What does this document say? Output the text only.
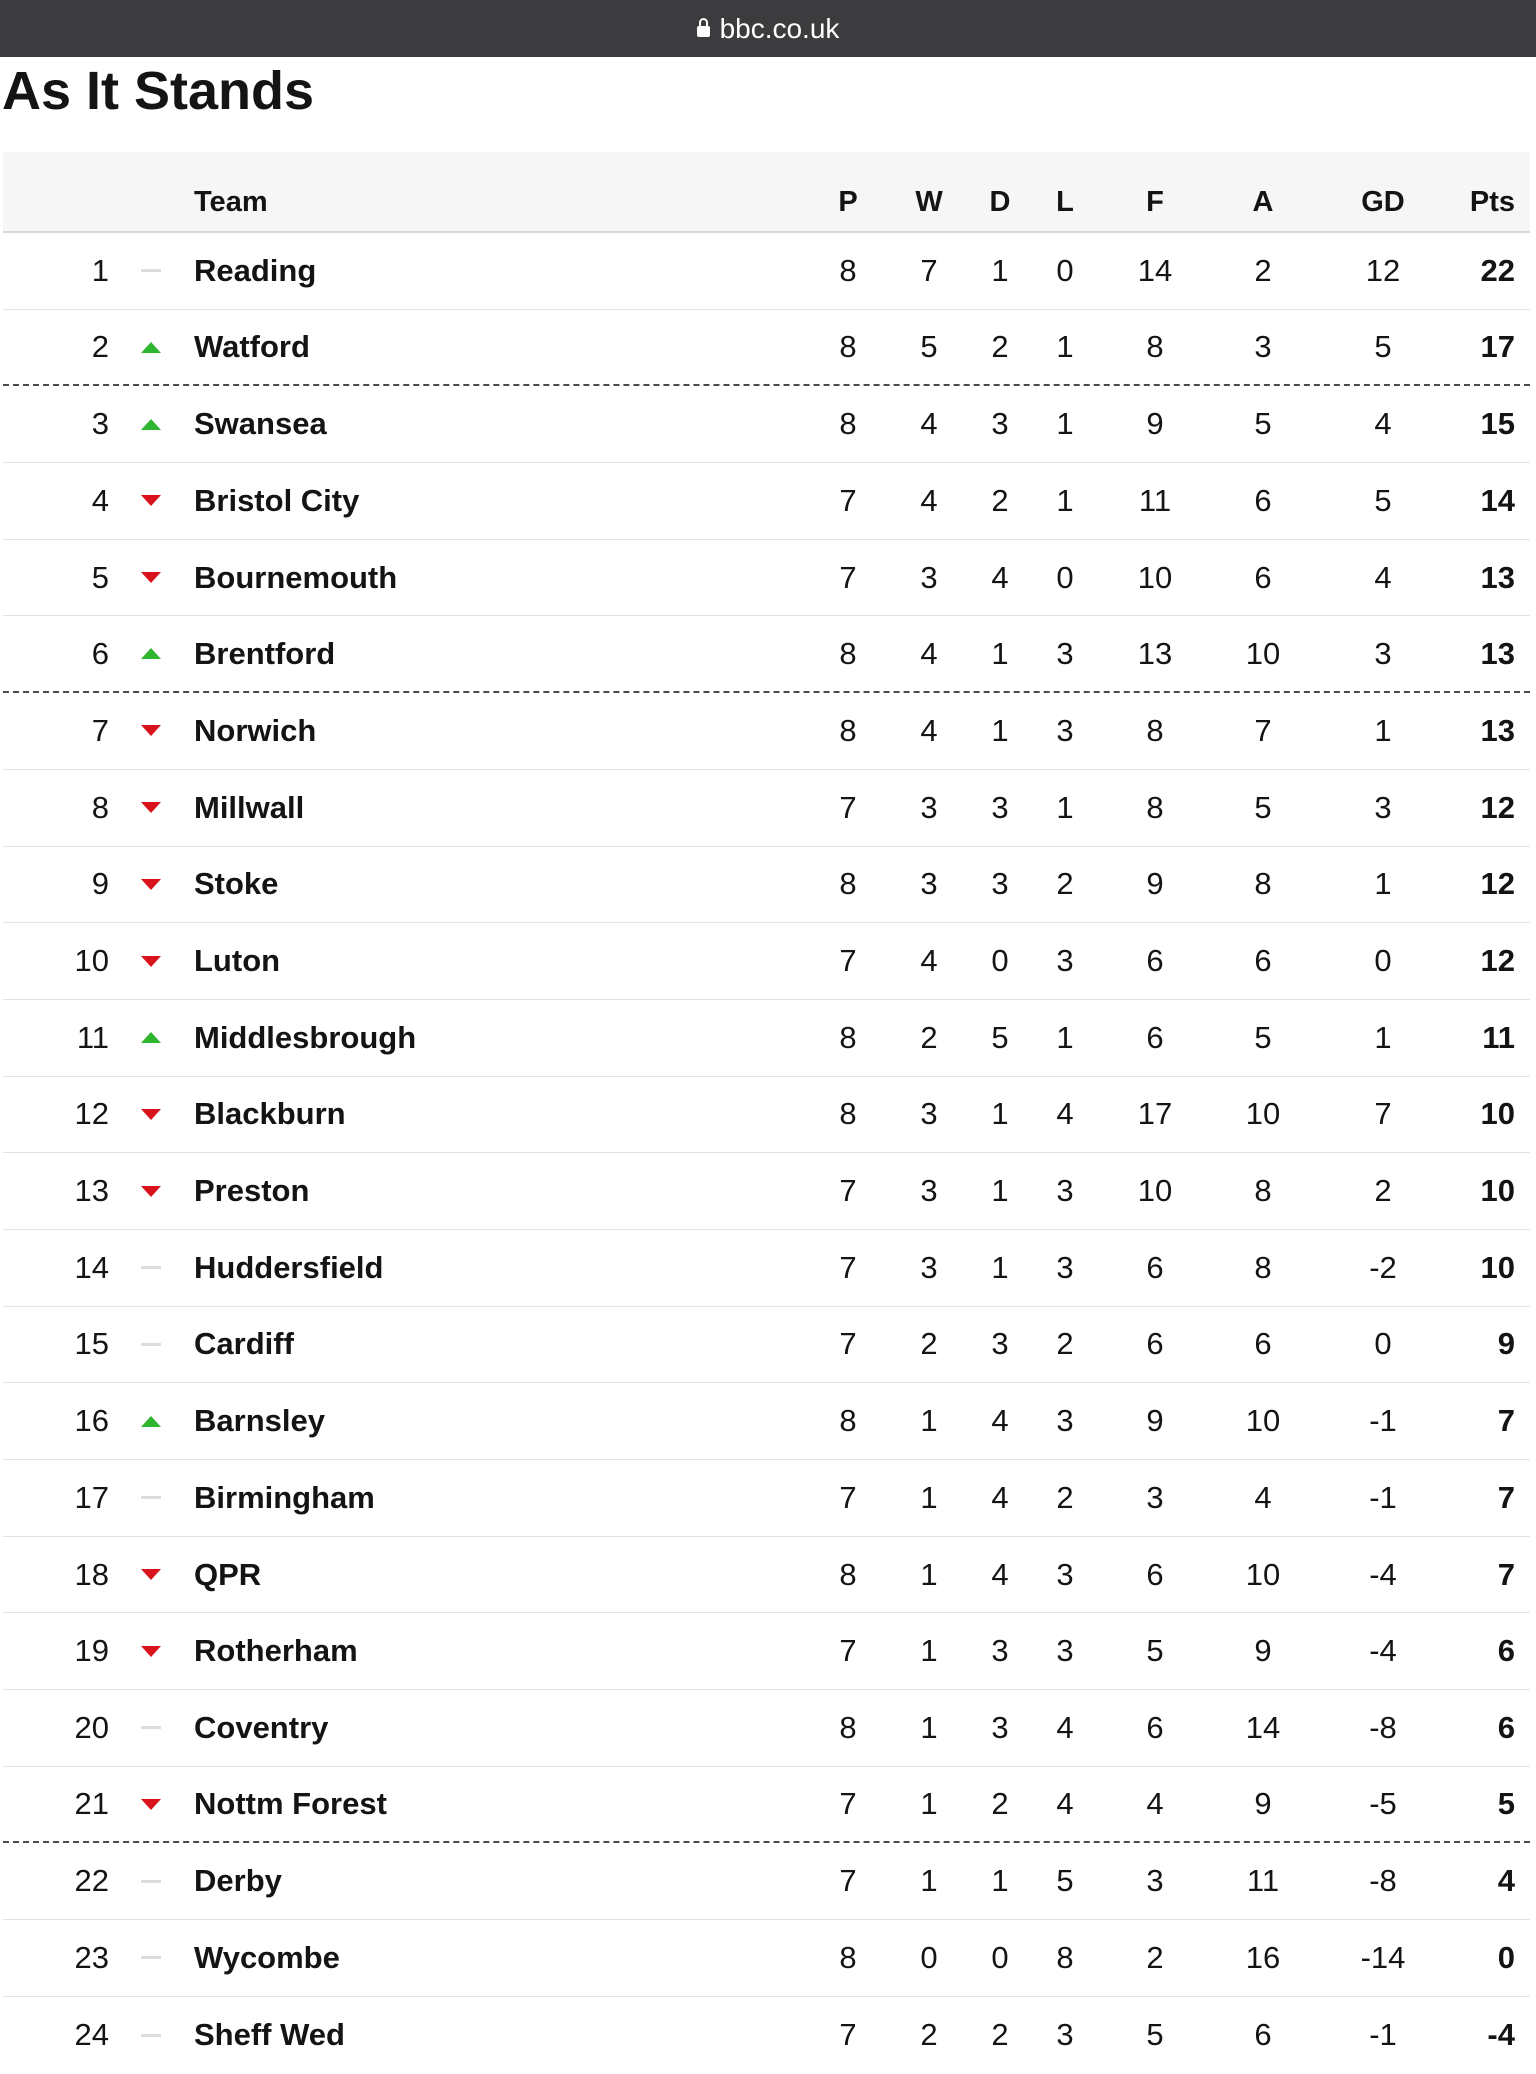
bbc.co.uk
As It Stands
Team	P	W	D	L	F	A	GD	Pts
1	Reading	8	7	1	0	14	2	12	22
2	Watford	8	5	2	1	8	3	5	17
3	Swansea	8	4	3	1	9	5	4	15
4	Bristol City	7	4	2	1	11	6	5	14
5	Bournemouth	7	3	4	0	10	6	4	13
6	Brentford	8	4	1	3	13	10	3	13
7	Norwich	8	4	1	3	8	7	1	13
8	Millwall	7	3	3	1	8	5	3	12
9	Stoke	8	3	3	2	9	8	1	12
10	Luton	7	4	0	3	6	6	0	12
11	Middlesbrough	8	2	5	1	6	5	1	11
12	Blackburn	8	3	1	4	17	10	7	10
13	Preston	7	3	1	3	10	8	2	10
14	Huddersfield	7	3	1	3	6	8	-2	10
15	Cardiff	7	2	3	2	6	6	0	9
16	Barnsley	8	1	4	3	9	10	-1	7
17	Birmingham	7	1	4	2	3	4	-1	7
18	QPR	8	1	4	3	6	10	-4	7
19	Rotherham	7	1	3	3	5	9	-4	6
20	Coventry	8	1	3	4	6	14	-8	6
21	Nottm Forest	7	1	2	4	4	9	-5	5
22	Derby	7	1	1	5	3	11	-8	4
23	Wycombe	8	0	0	8	2	16	-14	0
24	Sheff Wed	7	2	2	3	5	6	-1	-4
